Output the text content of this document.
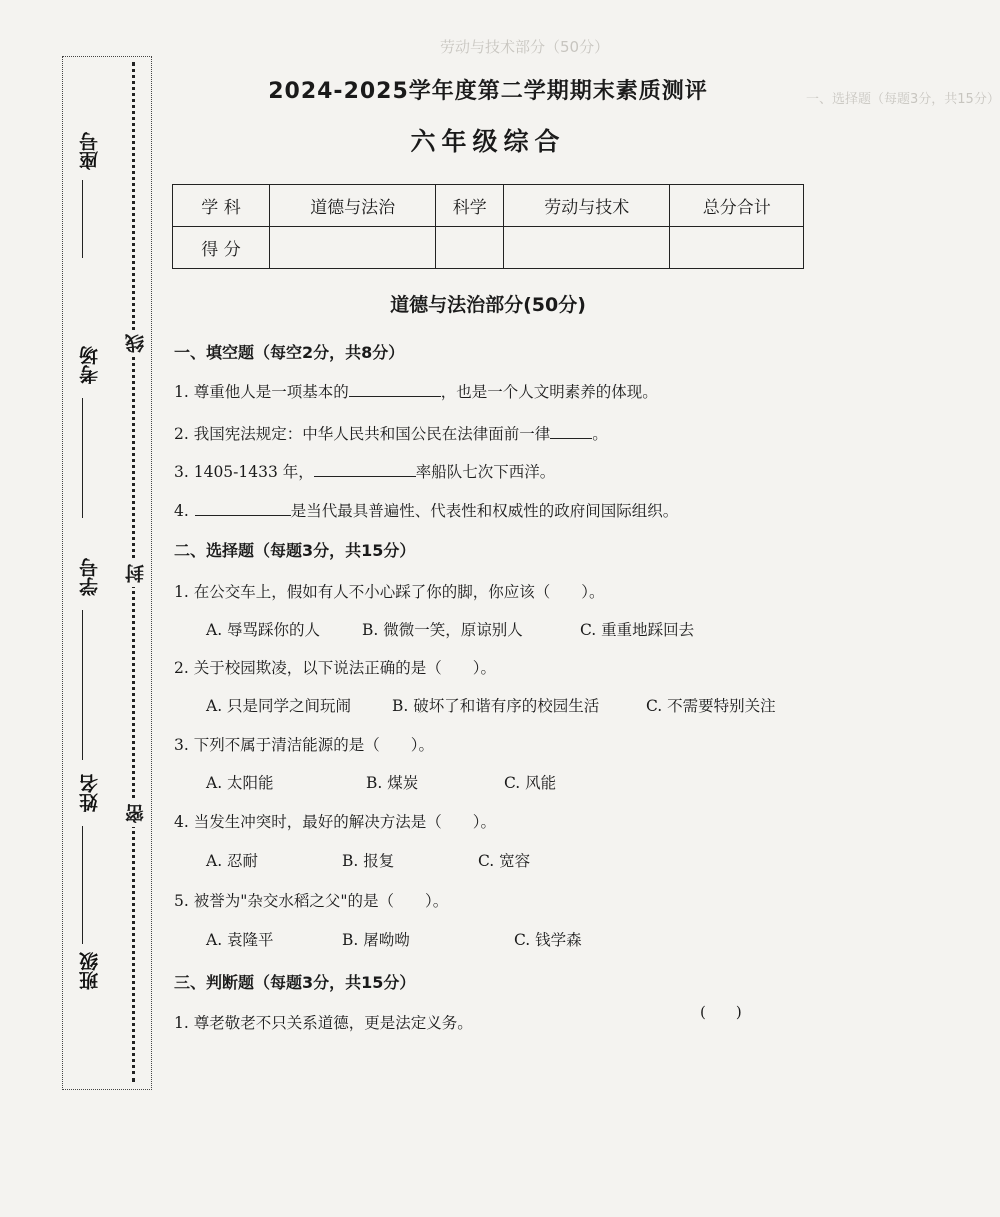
劳动与技术部分（50分）
一、选择题（每题3分，共15分）
座号
考场
线
学号 封
姓名
密
班级
2024-2025学年度第二学期期末素质测评
六年级综合
学 科	道德与法治	科学	劳动与技术	总分合计
得 分				
道德与法治部分(50分)
一、填空题（每空2分，共8分）
1. 尊重他人是一项基本的	，也是一个人文明素养的体现。
2. 我国宪法规定：中华人民共和国公民在法律面前一律	。
3. 1405-1433 年，	率船队七次下西洋。
4.	是当代最具普遍性、代表性和权威性的政府间国际组织。
二、选择题（每题3分，共15分）
1. 在公交车上，假如有人不小心踩了你的脚，你应该（　　）。
A. 辱骂踩你的人	B. 微微一笑，原谅别人	C. 重重地踩回去
2. 关于校园欺凌，以下说法正确的是（　　）。
A. 只是同学之间玩闹	B. 破坏了和谐有序的校园生活	C. 不需要特别关注
3. 下列不属于清洁能源的是（　　）。
A. 太阳能	B. 煤炭	C. 风能
4. 当发生冲突时，最好的解决方法是（　　）。
A. 忍耐	B. 报复	C. 宽容
5. 被誉为"杂交水稻之父"的是（　　）。
A. 袁隆平	B. 屠呦呦	C. 钱学森
三、判断题（每题3分，共15分）
1. 尊老敬老不只关系道德，更是法定义务。
(　　)
